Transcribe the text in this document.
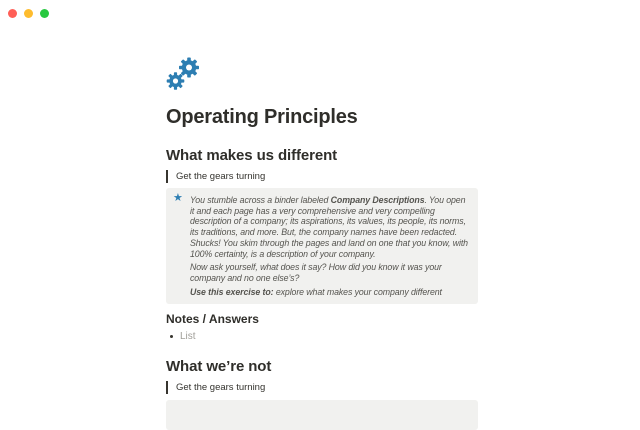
Operating Principles
What makes us different
Get the gears turning
★ You stumble across a binder labeled Company Descriptions. You open it and each page has a very comprehensive and very compelling description of a company; its aspirations, its values, its people, its norms, its traditions, and more. But, the company names have been redacted. Shucks! You skim through the pages and land on one that you know, with 100% certainty, is a description of your company.

Now ask yourself, what does it say? How did you know it was your company and no one else’s?

Use this exercise to: explore what makes your company different

Notes / Answers
List
What we’re not
Get the gears turning
